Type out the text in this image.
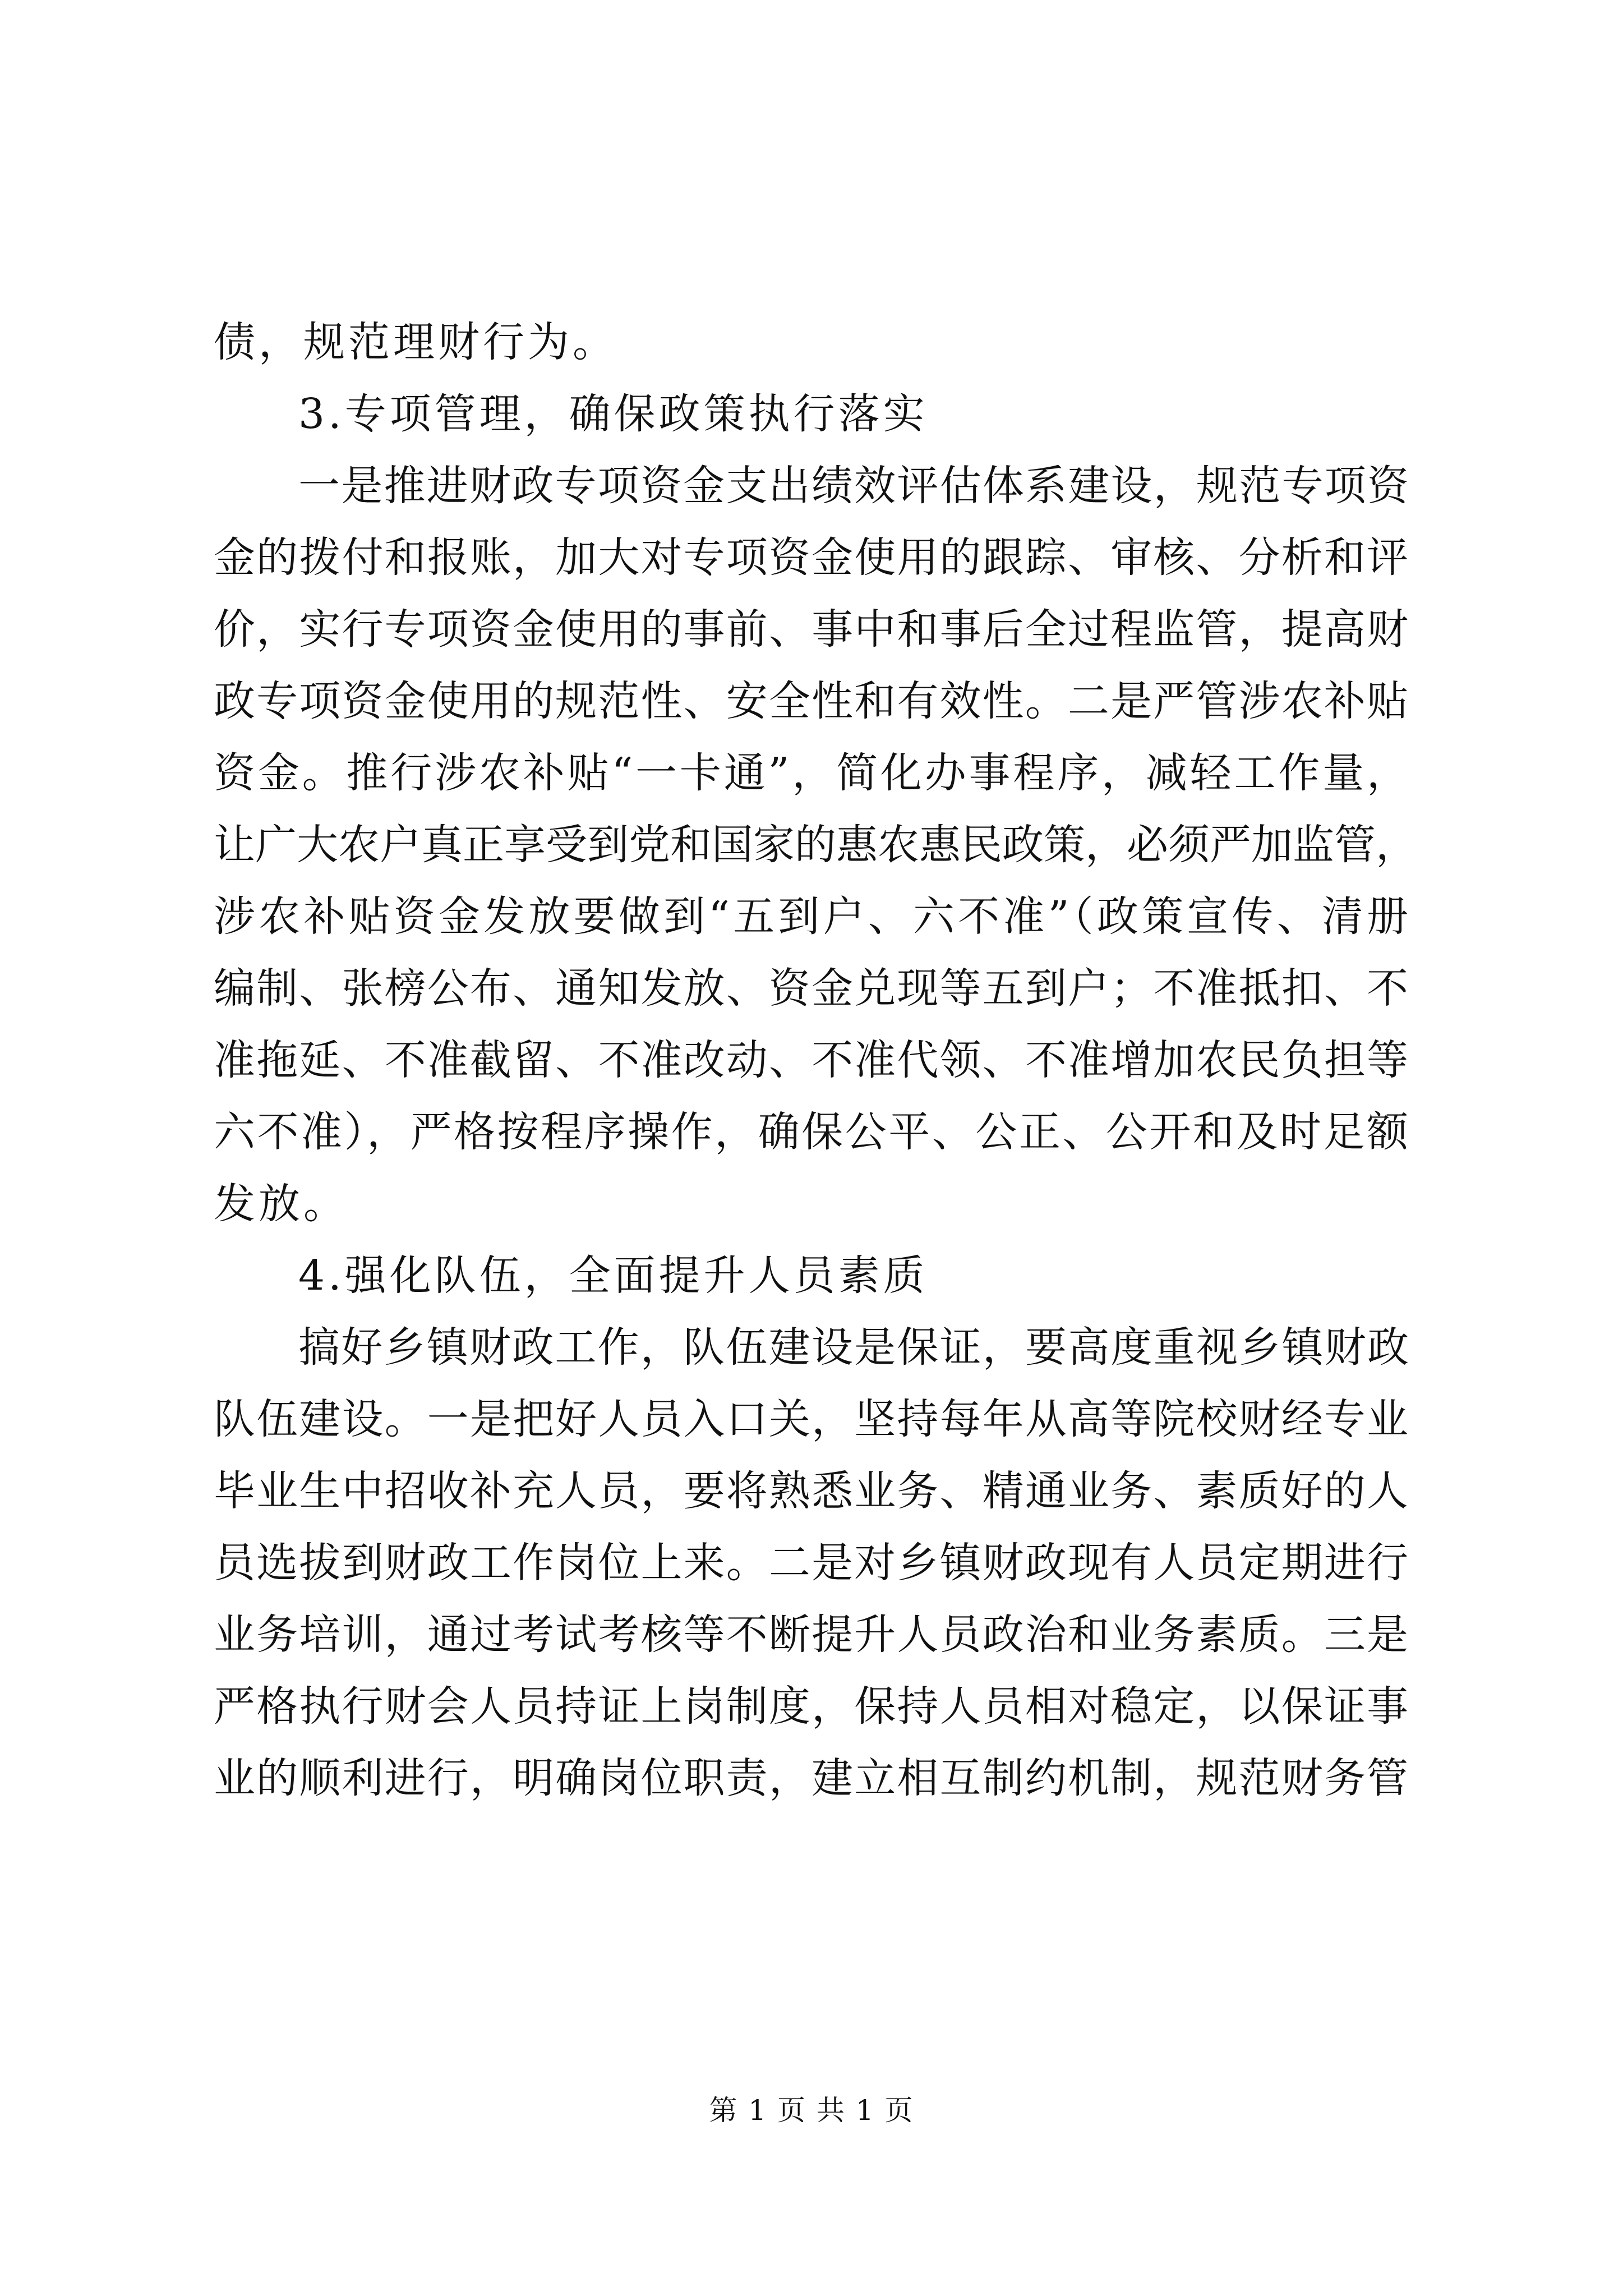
债，规范理财行为。
3.专项管理，确保政策执行落实
一是推进财政专项资金支出绩效评估体系建设，规范专项资
金的拨付和报账，加大对专项资金使用的跟踪、审核、分析和评
价，实行专项资金使用的事前、事中和事后全过程监管，提高财
政专项资金使用的规范性、安全性和有效性。二是严管涉农补贴
资金。推行涉农补贴“一卡通”，简化办事程序，减轻工作量，
让广大农户真正享受到党和国家的惠农惠民政策，必须严加监管，
涉农补贴资金发放要做到“五到户、六不准”（政策宣传、清册
编制、张榜公布、通知发放、资金兑现等五到户；不准抵扣、不
准拖延、不准截留、不准改动、不准代领、不准增加农民负担等
六不准），严格按程序操作，确保公平、公正、公开和及时足额
发放。
4.强化队伍，全面提升人员素质
搞好乡镇财政工作，队伍建设是保证，要高度重视乡镇财政
队伍建设。一是把好人员入口关，坚持每年从高等院校财经专业
毕业生中招收补充人员，要将熟悉业务、精通业务、素质好的人
员选拔到财政工作岗位上来。二是对乡镇财政现有人员定期进行
业务培训，通过考试考核等不断提升人员政治和业务素质。三是
严格执行财会人员持证上岗制度，保持人员相对稳定，以保证事
业的顺利进行，明确岗位职责，建立相互制约机制，规范财务管
第 1 页 共 1 页
